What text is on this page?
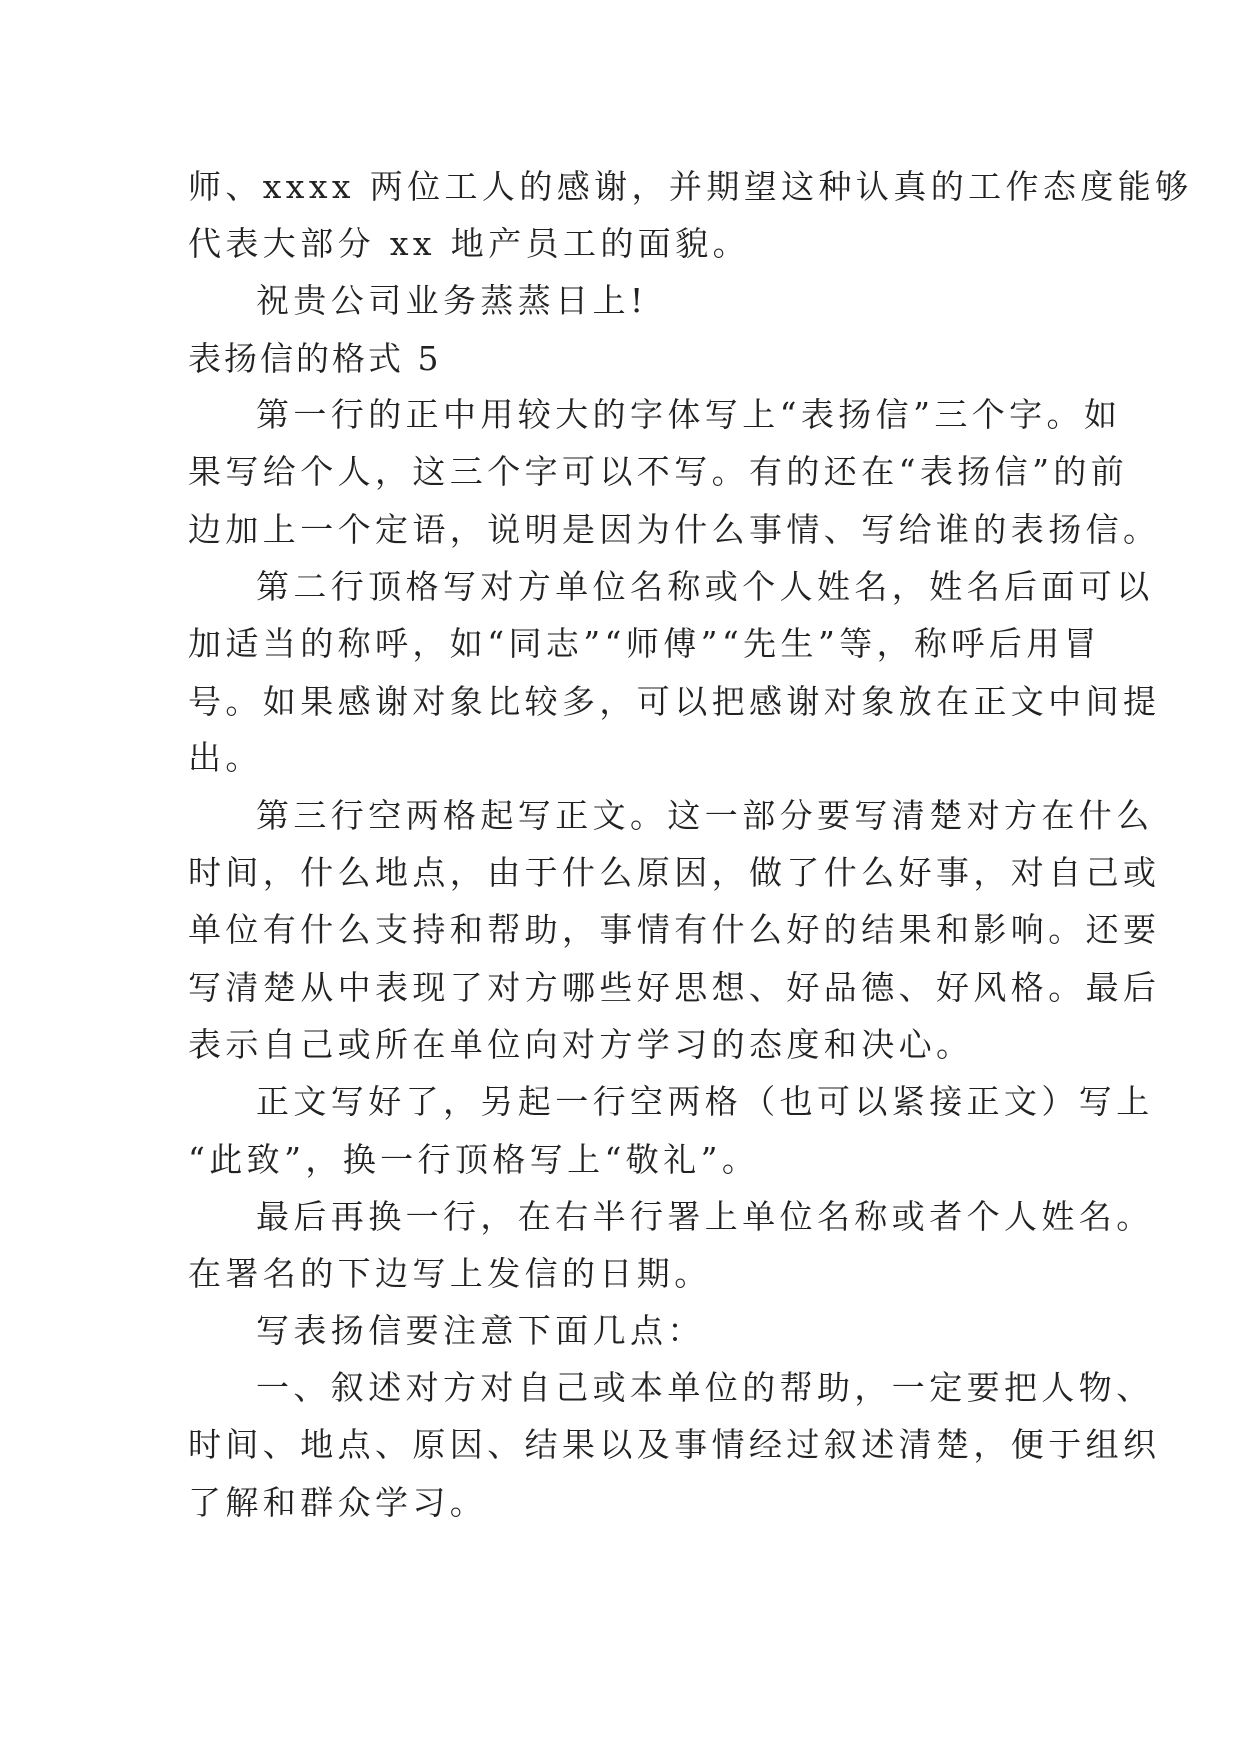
师、xxxx 两位工人的感谢，并期望这种认真的工作态度能够
代表大部分 xx 地产员工的面貌。
祝贵公司业务蒸蒸日上!
表扬信的格式 5
第一行的正中用较大的字体写上“表扬信”三个字。如
果写给个人，这三个字可以不写。有的还在“表扬信”的前
边加上一个定语，说明是因为什么事情、写给谁的表扬信。
第二行顶格写对方单位名称或个人姓名，姓名后面可以
加适当的称呼，如“同志”“师傅”“先生”等，称呼后用冒
号。如果感谢对象比较多，可以把感谢对象放在正文中间提
出。
第三行空两格起写正文。这一部分要写清楚对方在什么
时间，什么地点，由于什么原因，做了什么好事，对自己或
单位有什么支持和帮助，事情有什么好的结果和影响。还要
写清楚从中表现了对方哪些好思想、好品德、好风格。最后
表示自己或所在单位向对方学习的态度和决心。
正文写好了，另起一行空两格（也可以紧接正文）写上
“此致”，换一行顶格写上“敬礼”。
最后再换一行，在右半行署上单位名称或者个人姓名。
在署名的下边写上发信的日期。
写表扬信要注意下面几点：
一、叙述对方对自己或本单位的帮助，一定要把人物、
时间、地点、原因、结果以及事情经过叙述清楚，便于组织
了解和群众学习。
